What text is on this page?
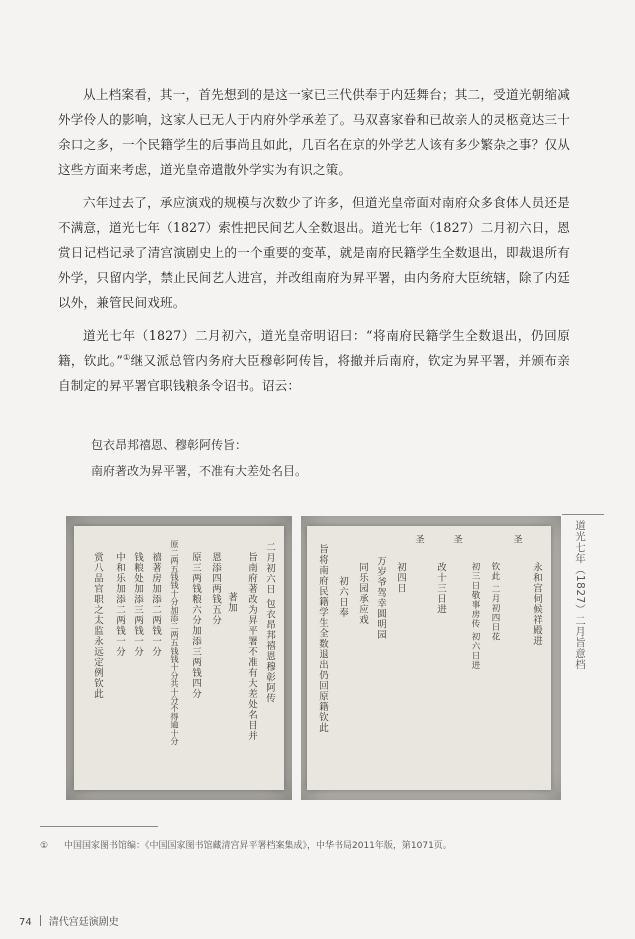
从上档案看，其一，首先想到的是这一家已三代供奉于内廷舞台；其二，受道光朝缩减外学伶人的影响，这家人已无人于内府外学承差了。马双喜家眷和已故亲人的灵柩竟达三十余口之多，一个民籍学生的后事尚且如此，几百名在京的外学艺人该有多少繁杂之事？仅从这些方面来考虑，道光皇帝遣散外学实为有识之策。

六年过去了，承应演戏的规模与次数少了许多，但道光皇帝面对南府众多食体人员还是不满意，道光七年（1827）索性把民间艺人全数退出。道光七年（1827）二月初六日，恩赏日记档记录了清宫演剧史上的一个重要的变革，就是南府民籍学生全数退出，即裁退所有外学，只留内学，禁止民间艺人进宫，并改组南府为昇平署，由内务府大臣统辖，除了内廷以外，兼管民间戏班。

道光七年（1827）二月初六，道光皇帝明诏曰：“将南府民籍学生全数退出，仍回原籍，钦此。”①继又派总管内务府大臣穆彰阿传旨，将撤并后南府，钦定为昇平署，并颁布亲自制定的昇平署官职钱粮条令诏书。诏云：

包衣昂邦禧恩、穆彰阿传旨：

南府著改为昇平署，不准有大差处名目。

二月初六日 包衣昂邦禧恩穆彰阿传
旨南府著改为昇平署不准有大差处名目并
著加
恩添四两钱五分
原三两钱粮六分加添三两钱四分
原二两五钱钱十分加添二两五钱钱十分共十分不得逾十分
禧著房加添二两钱一分
钱粮处加添三两钱一分
中和乐加添二两钱一分
赏八品官职之太监永远定例钦此	旨将南府民籍学生全数退出仍回原籍钦此 初六日奉 同乐园承应戏 万岁爷驾幸圆明园 初四日
圣
改十三日进
圣
初三日敬事房传 初六日进 钦此 二月初四日花
圣
永和宫伺候祥殿进	道光七年（1827）二月旨意档
① 中国国家图书馆编：《中国国家图书馆藏清宫昇平署档案集成》，中华书局2011年版，第1071页。
74 清代宫廷演剧史
